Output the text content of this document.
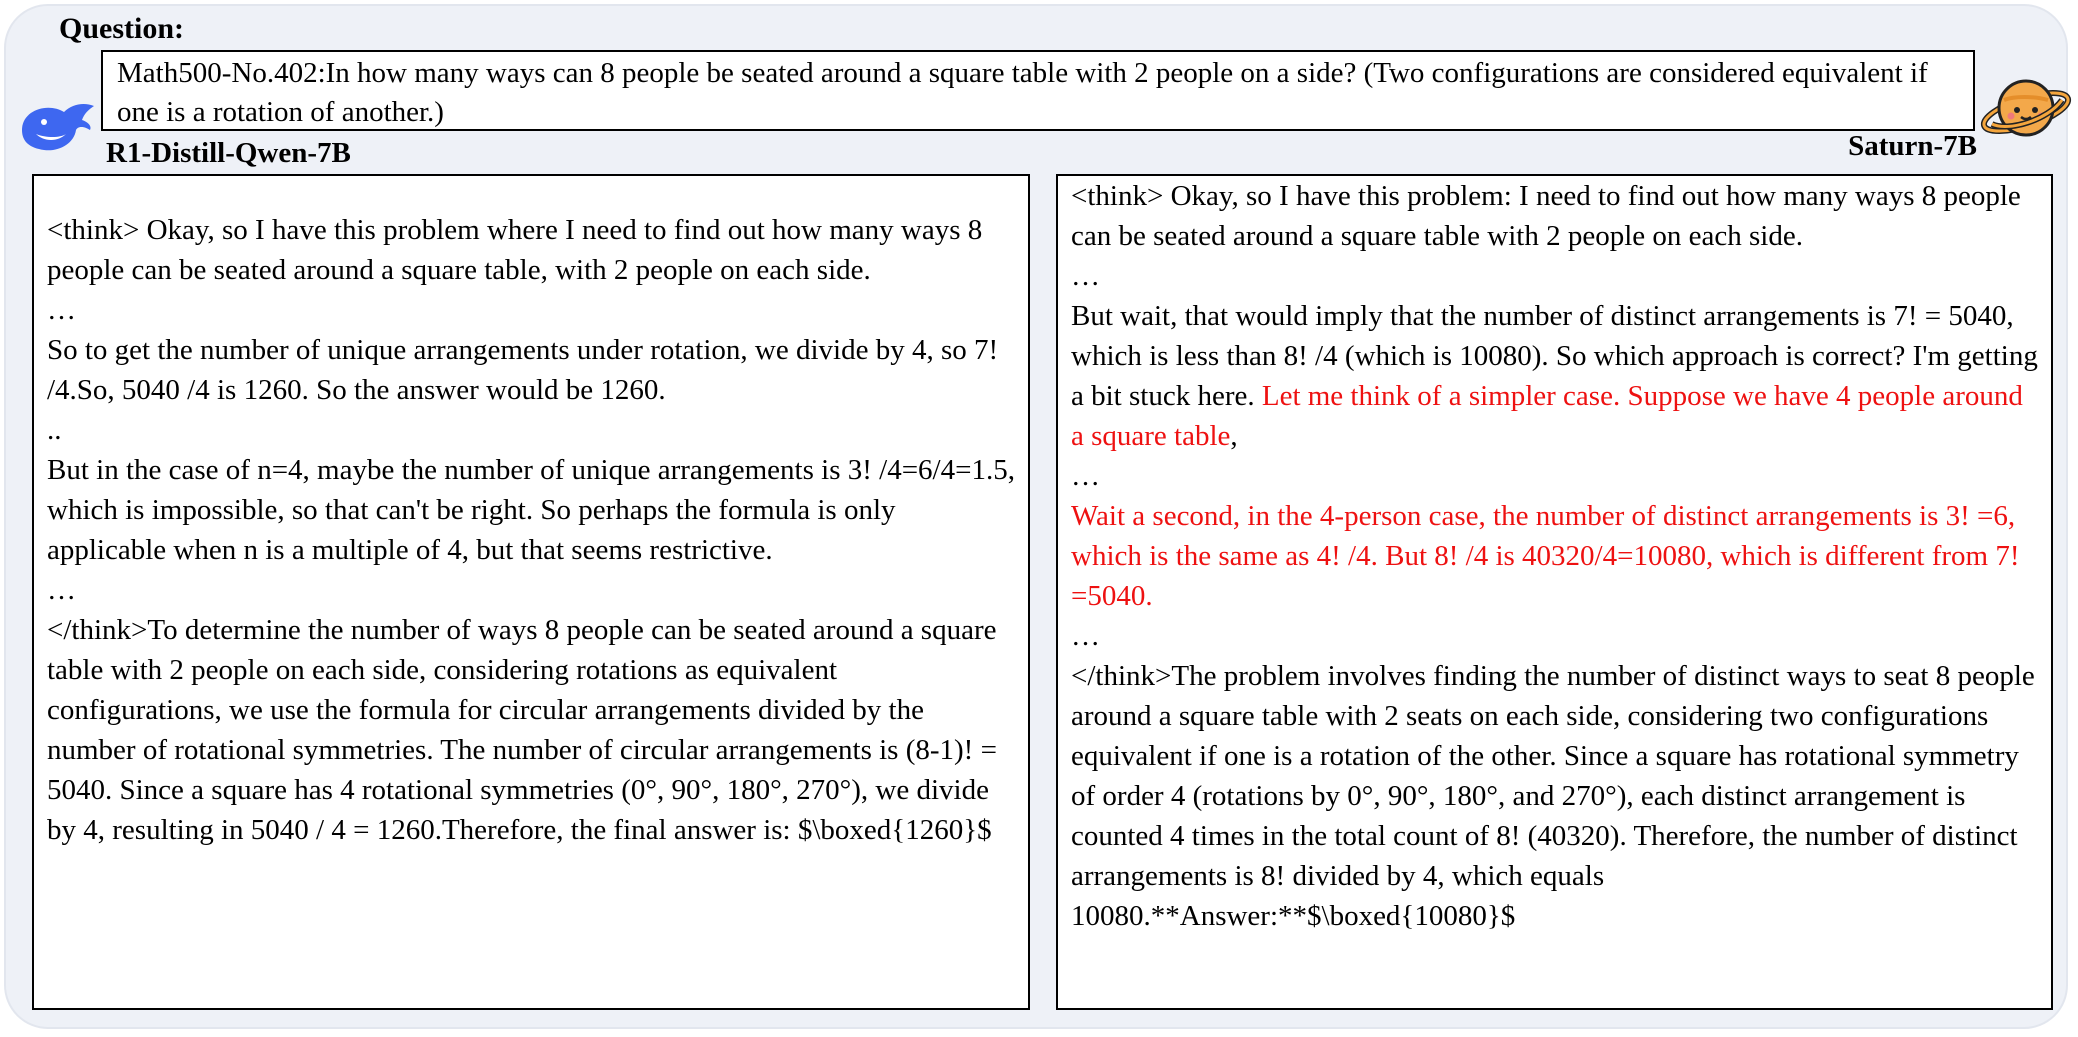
Question:
Math500-No.402:In how many ways can 8 people be seated around a square table with 2 people on a side? (Two configurations are considered equivalent if one is a rotation of another.)
R1-Distill-Qwen-7B	Saturn-7B

<think> Okay, so I have this problem where I need to find out how many ways 8 people can be seated around a square table, with 2 people on each side.

…

So to get the number of unique arrangements under rotation, we divide by 4, so 7! /4.So, 5040 /4 is 1260. So the answer would be 1260.

..

But in the case of n=4, maybe the number of unique arrangements is 3! /4=6/4=1.5, which is impossible, so that can't be right. So perhaps the formula is only applicable when n is a multiple of 4, but that seems restrictive.

…

</think>To determine the number of ways 8 people can be seated around a square table with 2 people on each side, considering rotations as equivalent configurations, we use the formula for circular arrangements divided by the number of rotational symmetries. The number of circular arrangements is (8-1)! = 5040. Since a square has 4 rotational symmetries (0°, 90°, 180°, 270°), we divide by 4, resulting in 5040 / 4 = 1260.Therefore, the final answer is: $\boxed{1260}$

<think> Okay, so I have this problem: I need to find out how many ways 8 people can be seated around a square table with 2 people on each side.

…

But wait, that would imply that the number of distinct arrangements is 7! = 5040, which is less than 8! /4 (which is 10080). So which approach is correct? I'm getting a bit stuck here. Let me think of a simpler case. Suppose we have 4 people around a square table,

…

Wait a second, in the 4-person case, the number of distinct arrangements is 3! =6, which is the same as 4! /4. But 8! /4 is 40320/4=10080, which is different from 7! =5040.

…

</think>The problem involves finding the number of distinct ways to seat 8 people around a square table with 2 seats on each side, considering two configurations equivalent if one is a rotation of the other. Since a square has rotational symmetry of order 4 (rotations by 0°, 90°, 180°, and 270°), each distinct arrangement is counted 4 times in the total count of 8! (40320). Therefore, the number of distinct arrangements is 8! divided by 4, which equals 10080.**Answer:**$\boxed{10080}$
